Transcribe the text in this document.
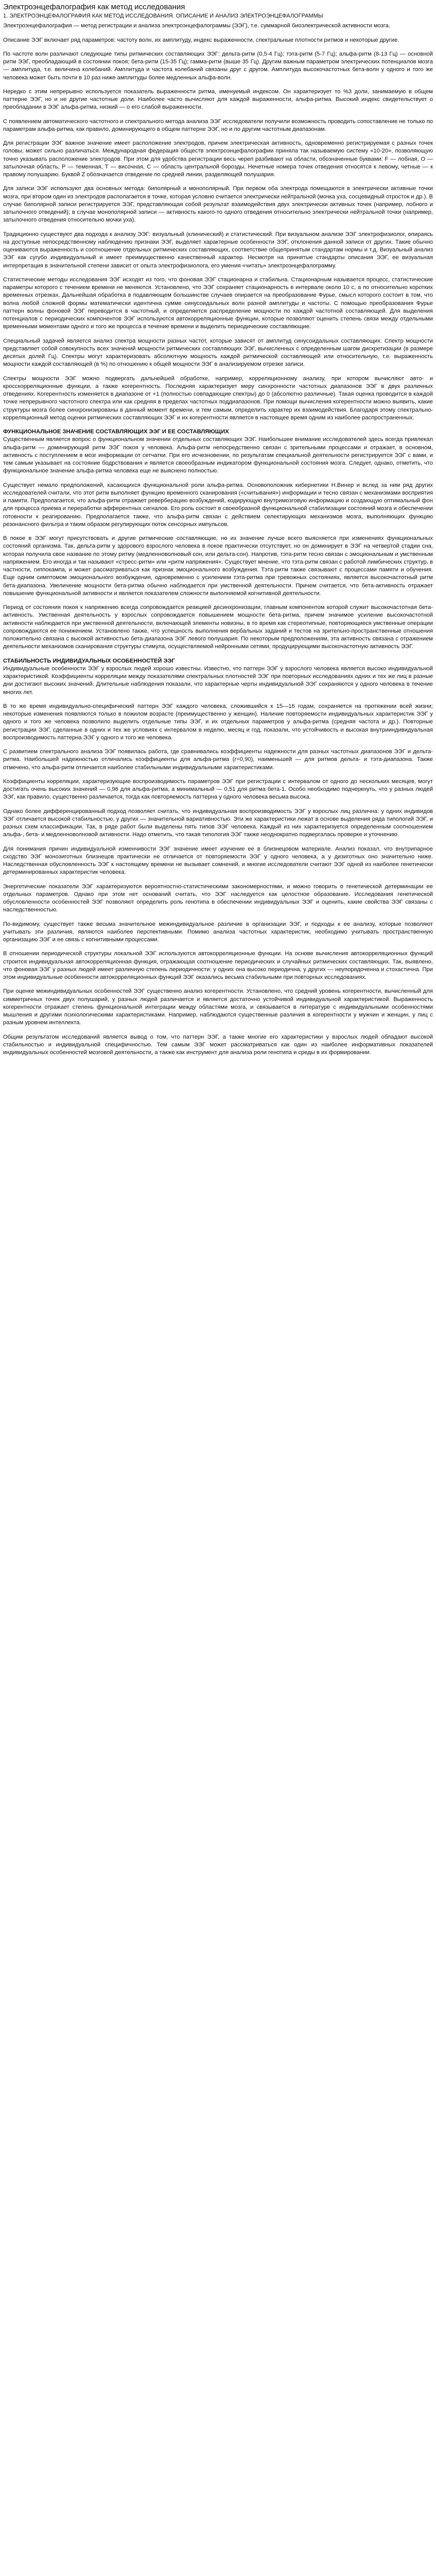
Электроэнцефалография как метод исследования
1. ЭЛЕКТРОЭНЦЕФАЛОГРАФИЯ КАК МЕТОД ИССЛЕДОВАНИЯ. ОПИСАНИЕ И АНАЛИЗ ЭЛЕКТРОЭНЦЕФАЛОГРАММЫ

Электроэнцефалография — метод регистрации и анализа электроэнцефалограммы (ЭЭГ), т.е. суммарной биоэлектрической активности мозга.

Описание ЭЭГ включает ряд параметров: частоту волн, их амплитуду, индекс выраженности, спектральные плотности ритмов и некоторые другие.

По частоте волн различают следующие типы ритмических составляющих ЭЭГ: дельта-ритм (0,5-4 Гц); тэта-ритм (5-7 Гц); альфа-ритм (8-13 Гц) — основной ритм ЭЭГ, преобладающий в состоянии покоя; бета-ритм (15-35 Гц); гамма-ритм (выше 35 Гц). Другим важным параметром электрических потенциалов мозга — амплитуда, т.е. величина колебаний. Амплитуда и частота колебаний связаны друг с другом. Амплитуда высокочастотных бета-волн у одного и того же человека может быть почти в 10 раз ниже амплитуды более медленных альфа-волн.

Нередко с этим непрерывно используется показатель выраженности ритма, именуемый индексом. Он характеризует то %3 доли, занимаемую в общем паттерне ЭЭГ, но и не другие частотные доли. Наиболее часто вычисляют для каждой выраженности, альфа-ритма. Высокий индекс свидетельствует о преобладании в ЭЭГ альфа-ритма, низкий — о его слабой выраженности.

С появлением автоматического частотного и спектрального метода анализа ЭЭГ исследователи получили возможность проводить сопоставление не только по параметрам альфа-ритма, как правило, доминирующего в общем паттерне ЭЭГ, но и по другим частотным диапазонам.

Для регистрации ЭЭГ важное значение имеет расположение электродов, причем электрическая активность, одновременно регистрируемая с разных точек головы, может сильно различаться. Международная федерация обществ электроэнцефалографии приняла так называемую систему «10-20», позволяющую точно указывать расположение электродов. При этом для удобства регистрации весь череп разбивают на области, обозначенные буквами: F — лобная, O — затылочная область, P — теменная, T — височная, C — область центральной борозды. Нечетные номера точек отведения относятся к левому, четные — к правому полушарию. Буквой Z обозначается отведение по средней линии, разделяющей полушария.

Для записи ЭЭГ используют два основных метода: биполярный и монополярный. При первом оба электрода помещаются в электрически активные точки мозга, при втором один из электродов располагается в точке, которая условно считается электрически нейтральной (мочка уха, сосцевидный отросток и др.). В случае биполярной записи регистрируется ЭЭГ, представляющая собой результат взаимодействия двух электрически активных точек (например, лобного и затылочного отведений); в случае монополярной записи — активность какого-то одного отведения относительно электрически нейтральной точки (например, затылочного отведения относительно мочки уха).

Традиционно существуют два подхода к анализу ЭЭГ: визуальный (клинический) и статистический. При визуальном анализе ЭЭГ электрофизиолог, опираясь на доступные непосредственному наблюдению признаки ЭЭГ, выделяет характерные особенности ЭЭГ, отклонения данной записи от других. Такие обычно оцениваются выраженность и соотношение отдельных ритмических составляющих, соответствие общепринятым стандартам нормы и т.д. Визуальный анализ ЭЭГ как сугубо индивидуальный и имеет преимущественно качественный характер. Несмотря на принятые стандарты описания ЭЭГ, ее визуальная интерпретация в значительной степени зависит от опыта электрофизиолога, его умения «читать» электроэнцефалограмму.

Статистические методы исследования ЭЭГ исходят из того, что фоновая ЭЭГ стационарна и стабильна. Стационарным называется процесс, статистические параметры которого с течением времени не меняются. Установлено, что ЭЭГ сохраняет стационарность в интервале около 10 с, а по относительно коротких временных отрезках. Дальнейшая обработка в подавляющем большинстве случаев опирается на преобразование Фурье, смысл которого состоит в том, что волна любой сложной формы математически идентична сумме синусоидальных волн разной амплитуды и частоты. С помощью преобразования Фурье паттерн волны фоновой ЭЭГ переводится в частотный, и определяется распределение мощности по каждой частотной составляющей. Для выделения потенциалов с периодических компонентов ЭЭГ используются автокорреляционные функции, которые позволяют оценить степень связи между отдельными временными моментами одного и того же процесса в течение времени и выделить периодические составляющие.

Специальный задачей является анализ спектра мощности разных частот, которые зависят от амплитуд синусоидальных составляющих. Спектр мощности представляет собой совокупность всех значений мощности ритмических составляющих ЭЭГ, вычисленных с определенным шагом дискретизации (в размере десятых долей Гц). Спектры могут характеризовать абсолютную мощность каждой ритмической составляющей или относительную, т.е. выраженность мощности каждой составляющей (в %) по отношению к общей мощности ЭЭГ в анализируемом отрезке записи.

Спектры мощности ЭЭГ можно подвергать дальнейшей обработке, например, корреляционному анализу, при котором вычисляют авто- и кросскорреляционные функции, а также когерентность. Последняя характеризует меру синхронности частотных диапазонов ЭЭГ в двух различных отведениях. Когерентность изменяется в диапазоне от +1 (полностью совпадающие спектры) до 0 (абсолютно различные). Такая оценка проводится в каждой точке непрерывного частотного спектра или как средняя в пределах частотных поддиапазонов. При помощи вычисления когерентности можно выявить, какие структуры мозга более синхронизированы в данный момент времени, и тем самым, определить характер их взаимодействия. Благодаря этому спектрально-корреляционный метод оценки ритмических составляющих ЭЭГ и их когерентности является в настоящее время одним из наиболее распространенных.

ФУНКЦИОНАЛЬНОЕ ЗНАЧЕНИЕ СОСТАВЛЯЮЩИХ ЭЭГ И ЕЕ СОСТАВЛЯЮЩИХ

Существенным является вопрос о функциональном значении отдельных составляющих ЭЭГ. Наибольшее внимание исследователей здесь всегда привлекал альфа-ритм — доминирующий ритм ЭЭГ покоя у человека. Альфа-ритм непосредственно связан с зрительными процессами и отражает, в основном, активность с поступлением в мозг информации от сетчатки. При его исчезновении, по результатам специальной деятельности регистрируется ЭЭГ с вами, и тем самым указывает на состояние бодрствования и является своеобразным индикатором функциональной состояния мозга. Следует, однако, отметить, что функциональное значение альфа-ритма человека еще не выяснено полностью.

Существует немало предположений, касающихся функциональной роли альфа-ритма. Основоположник кибернетики Н.Винер и вслед за ним ряд других исследователей считали, что этот ритм выполняет функцию временного сканирования («считывания») информации и тесно связан с механизмами восприятия и памяти. Предполагается, что альфа-ритм отражает реверберацию возбуждений, кодирующую внутримозговую информацию и создающую оптимальный фон для процесса приема и переработки афферентных сигналов. Его роль состоит в своеобразной функциональной стабилизации состояний мозга и обеспечении готовности к реагированию. Предполагается также, что альфа-ритм связан с действием селектирующих механизмов мозга, выполняющих функцию резонансного фильтра и таким образом регулирующих поток сенсорных импульсов.

В покое в ЭЭГ могут присутствовать и другие ритмические составляющие, но их значение лучше всего выясняется при изменениях функциональных состояний организма. Так, дельта-ритм у здорового взрослого человека в покое практически отсутствует, но он доминирует в ЭЭГ на четвертой стадии сна, которая получила свое название по этому ритму (медленноволновый сон, или дельта-сон). Напротив, тэта-ритм тесно связан с эмоциональным и умственным напряжением. Его иногда и так называют «стресс-ритм» или «ритм напряжения». Существует мнение, что тэта-ритм связан с работой лимбических структур, в частности, гиппокампа, и может рассматриваться как признак эмоционального возбуждения. Тэта-ритм также связывают с процессами памяти и обучения. Еще одним симптомом эмоционального возбуждения, одновременно с усилением тэта-ритма при тревожных состояниях, является высокочастотный ритм бета-диапазона. Увеличение мощности бета-ритма обычно наблюдается при умственной деятельности. Причем считается, что бета-активность отражает повышение функциональной активности и является показателем сложности выполняемой когнитивной деятельности.

Период от состояния покоя к напряжению всегда сопровождается реакцией десинхронизации, главным компонентом которой служит высокочастотная бета-активность. Умственная деятельность у взрослых сопровождается повышением мощности бета-ритма, причем значимое усиление высокочастотной активности наблюдается при умственной деятельности, включающей элементы новизны, в то время как стереотипные, повторяющиеся умственные операции сопровождаются ее понижением. Установлено также, что успешность выполнения вербальных заданий и тестов на зрительно-пространственные отношения положительно связана с высокой активностью бета-диапазона ЭЭГ левого полушария. По некоторым предположениям, эта активность связана с отражением деятельности механизмов сканирования структуры стимула, осуществляемой нейронными сетями, продуцирующими высокочастотную активность ЭЭГ.

СТАБИЛЬНОСТЬ ИНДИВИДУАЛЬНЫХ ОСОБЕННОСТЕЙ ЭЭГ

Индивидуальные особенности ЭЭГ у взрослых людей хорошо известны. Известно, что паттерн ЭЭГ у взрослого человека является высоко индивидуальной характеристикой. Коэффициенты корреляции между показателями спектральных плотностей ЭЭГ при повторных исследованиях одних и тех же лиц в разные дни достигают высоких значений. Длительные наблюдения показали, что характерные черты индивидуальной ЭЭГ сохраняются у одного человека в течение многих лет.

В то же время индивидуально-специфический паттерн ЭЭГ каждого человека, сложившийся к 15—16 годам, сохраняется на протяжении всей жизни; некоторые изменения появляются только в пожилом возрасте (преимущественно у женщин). Наличие повторяемости индивидуальных характеристик ЭЭГ у одного и того же человека позволило выделить отдельные типы ЭЭГ, и их отдельных параметров у альфа-ритма (средняя частота и др.). Повторные регистрации ЭЭГ, сделанные в одних и тех же условиях с интервалом в неделю, месяц и год, показали, что устойчивость и высокая внутрииндивидуальная воспроизводимость паттерна ЭЭГ у одного и того же человека.

С развитием спектрального анализа ЭЭГ появилась работа, где сравнивались коэффициенты надежности для разных частотных диапазонов ЭЭГ и дельта-ритма. Наибольшей надежностью отличались коэффициенты для альфа-ритма (r=0,90), наименьшей — для ритмов дельта- и тэта-диапазона. Также отмечено, что альфа-ритм отличается наиболее стабильными индивидуальными характеристиками.

Коэффициенты корреляции, характеризующие воспроизводимость параметров ЭЭГ при регистрации с интервалом от одного до нескольких месяцев, могут достигать очень высоких значений — 0,96 для альфа-ритма, а минимальный — 0,51 для ритма бета-1. Особо необходимо подчеркнуть, что у разных людей ЭЭГ, как правило, существенно различается, тогда как повторяемость паттерна у одного человека весьма высока.

Однако более дифференцированный подход позволяет считать, что индивидуальная воспроизводимость ЭЭГ у взрослых лиц различна: у одних индивидов ЭЭГ отличается высокой стабильностью, у других — значительной вариативностью. Эти же характеристики лежат в основе выделения ряда типологий ЭЭГ, и разных схем классификации. Так, в ряде работ были выделены пять типов ЭЭГ человека. Каждый из них характеризуется определенным соотношением альфа-, бета- и медленноволновой активности. Надо отметить, что такая типология ЭЭГ также неоднократно подвергалась проверке и уточнению.

Для понимания причин индивидуальной изменчивости ЭЭГ значение имеет изучение ее в близнецовом материале. Анализ показал, что внутрипарное сходство ЭЭГ монозиготных близнецов практически не отличается от повторяемости ЭЭГ у одного человека, а у дизиготных оно значительно ниже. Наследственная обусловленность ЭЭГ к настоящему времени не вызывает сомнений, и многие исследователи считают ЭЭГ одной из наиболее генетически детерминированных характеристик человека.

Энергетические показатели ЭЭГ характеризуются вероятностно-статистическими закономерностями, и можно говорить о генетической детерминации ее отдельных параметров. Однако при этом нет оснований считать, что ЭЭГ наследуется как целостное образование. Исследования генетической обусловленности особенностей ЭЭГ позволяют определить роль генотипа в обеспечении индивидуальных ЭЭГ и оценить, какие свойства ЭЭГ связаны с наследственностью.

По-видимому, существует также весьма значительное межиндивидуальное различие в организации ЭЭГ, и подходы к ее анализу, которые позволяют учитывать эти различия, являются наиболее перспективными. Помимо анализа частотных характеристик, необходимо учитывать пространственную организацию ЭЭГ и ее связь с когнитивными процессами.

В отношении периодической структуры локальной ЭЭГ используются автокорреляционные функции. На основе вычисления автокорреляционных функций строится индивидуальная автокорреляционная функция, отражающая соотношение периодических и случайных ритмических составляющих. Так, выявлено, что фоновая ЭЭГ у разных людей имеет различную степень периодичности: у одних она высоко периодична, у других — неупорядоченна и стохастична. При этом индивидуальные особенности автокорреляционных функций ЭЭГ оказались весьма стабильными при повторных исследованиях.

При оценке межиндивидуальных особенностей ЭЭГ существенно анализ когерентности. Установлено, что средний уровень когерентности, вычисленный для симметричных точек двух полушарий, у разных людей различается и является достаточно устойчивой индивидуальной характеристикой. Выраженность когерентности отражает степень функциональной интеграции между областями мозга, и связывается в литературе с индивидуальными особенностями мышления и другими психологическими характеристиками. Например, наблюдаются существенные различия в когерентности у мужчин и женщин, у лиц с разным уровнем интеллекта.

Общим результатом исследований является вывод о том, что паттерн ЭЭГ, а также многие его характеристики у взрослых людей обладают высокой стабильностью и индивидуальной специфичностью. Тем самым ЭЭГ может рассматриваться как один из наиболее информативных показателей индивидуальных особенностей мозговой деятельности, а также как инструмент для анализа роли генотипа и среды в их формировании.
